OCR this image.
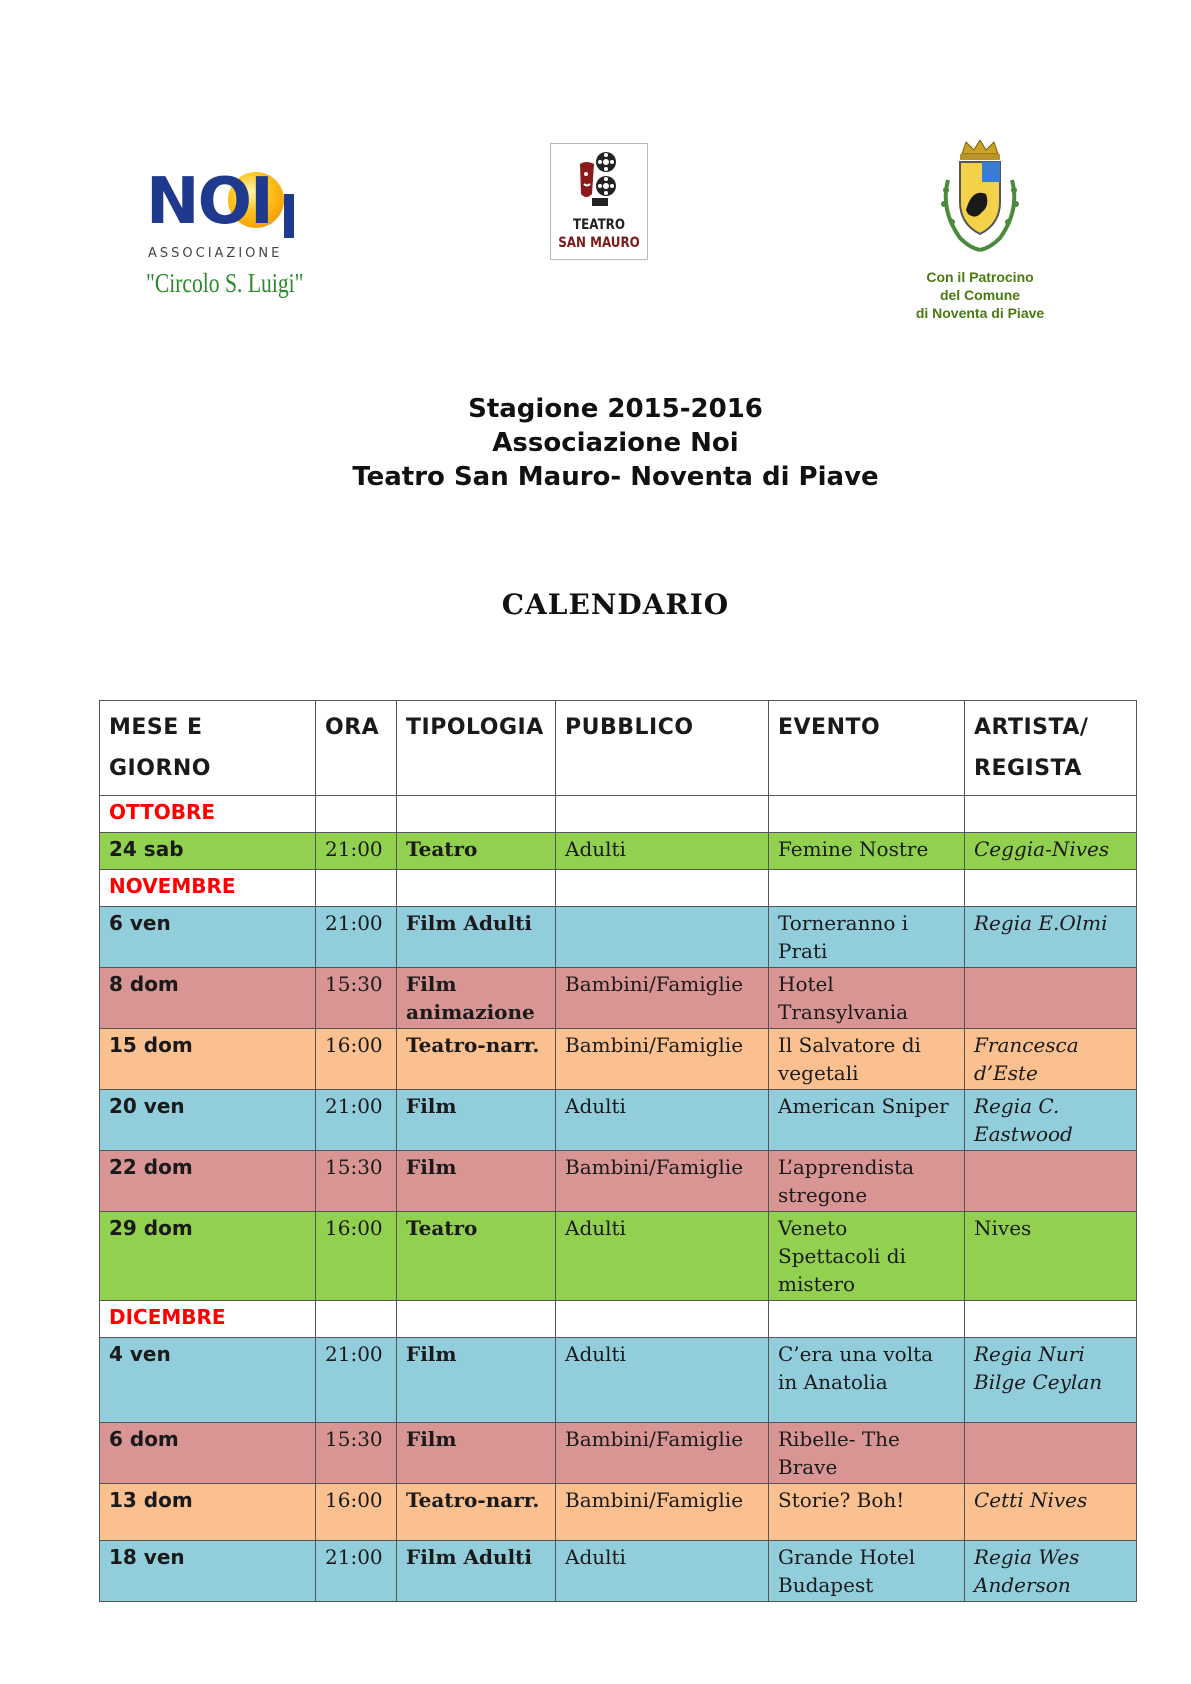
NOI
ASSOCIAZIONE
"Circolo S. Luigi"
TEATRO
SAN MAURO
Con il Patrocino
del Comune
di Noventa di Piave
Stagione 2015-2016
Associazione Noi
Teatro San Mauro- Noventa di Piave
CALENDARIO
MESE E GIORNO	ORA	TIPOLOGIA	PUBBLICO	EVENTO	ARTISTA/ REGISTA
OTTOBRE					
24 sab	21:00	Teatro	Adulti	Femine Nostre	Ceggia-Nives
NOVEMBRE					
6 ven	21:00	Film Adulti		Torneranno i Prati	Regia E.Olmi
8 dom	15:30	Film animazione	Bambini/Famiglie	Hotel Transylvania	
15 dom	16:00	Teatro-narr.	Bambini/Famiglie	Il Salvatore di vegetali	Francesca d’Este
20 ven	21:00	Film	Adulti	American Sniper	Regia C. Eastwood
22 dom	15:30	Film	Bambini/Famiglie	L’apprendista stregone	
29 dom	16:00	Teatro	Adulti	Veneto Spettacoli di mistero	Nives
DICEMBRE					
4 ven	21:00	Film	Adulti	C’era una volta in Anatolia	Regia Nuri Bilge Ceylan
6 dom	15:30	Film	Bambini/Famiglie	Ribelle- The Brave	
13 dom	16:00	Teatro-narr.	Bambini/Famiglie	Storie? Boh!	Cetti Nives
18 ven	21:00	Film Adulti	Adulti	Grande Hotel Budapest	Regia Wes Anderson
